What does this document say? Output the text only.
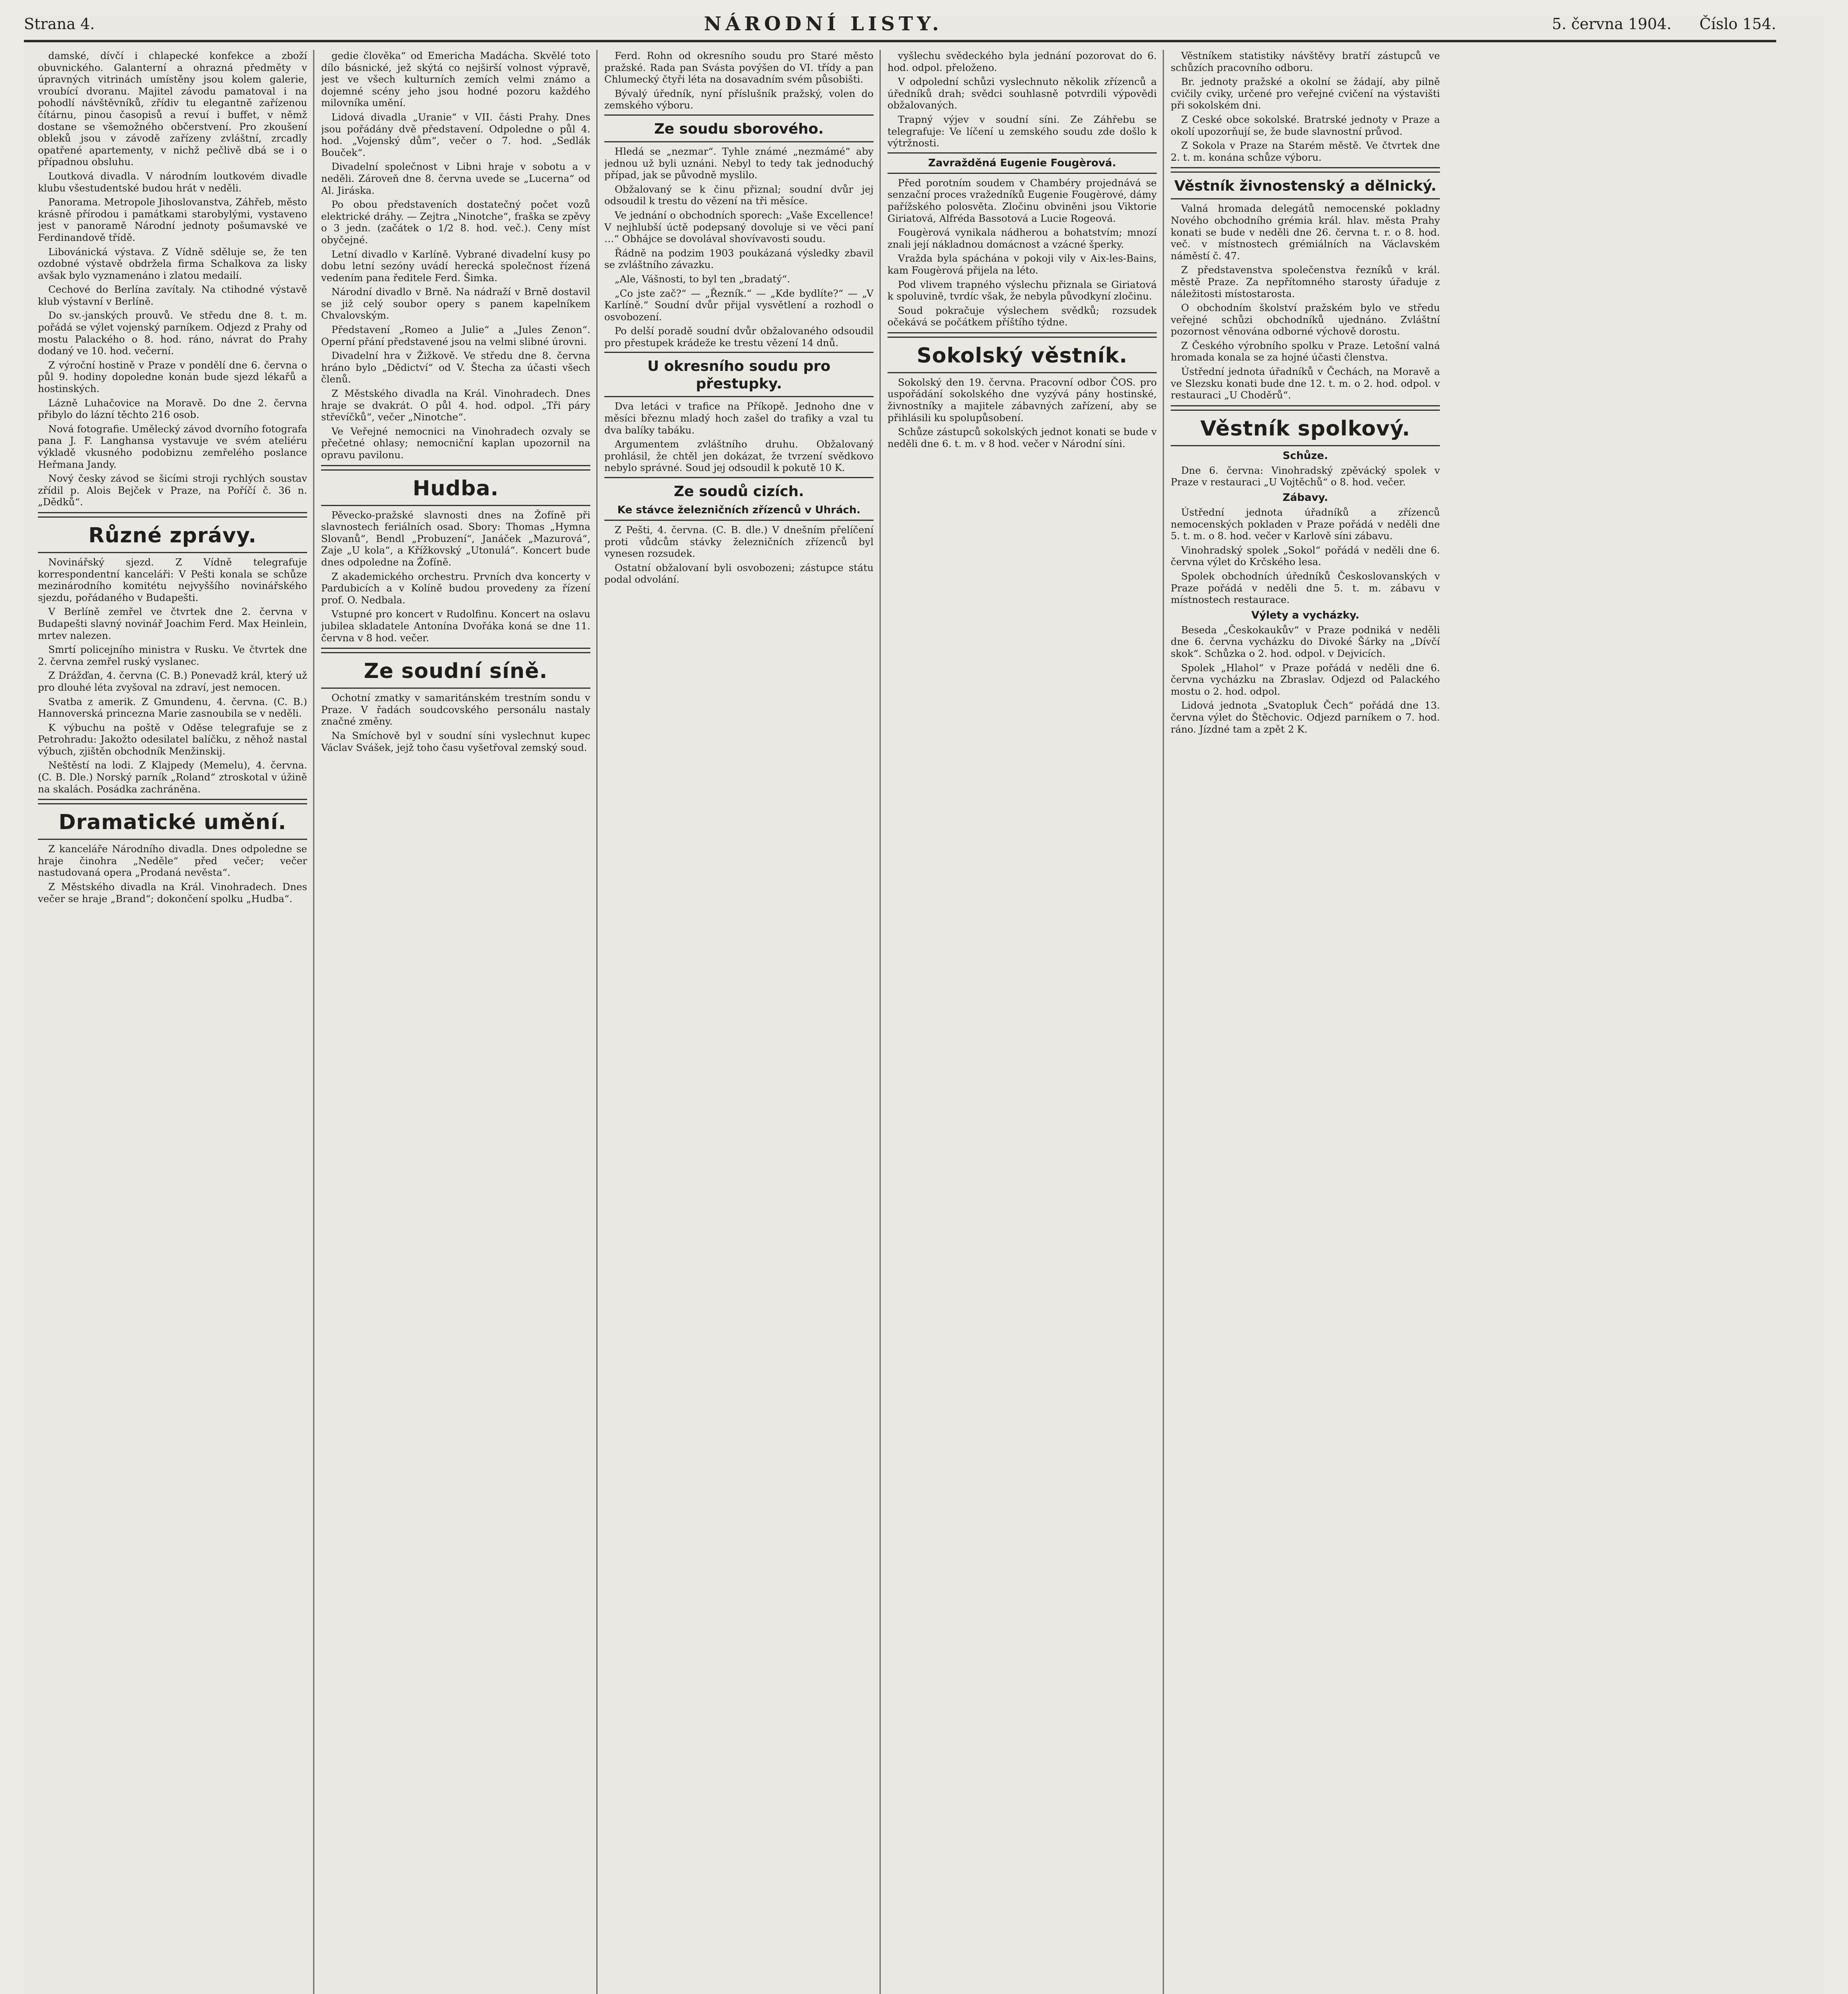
Strana 4.	NÁRODNÍ LISTY.	5. června 1904. Číslo 154.

damské, dívčí i chlapecké konfekce a zboží obuvnického. Galanterní a ohrazná předměty v úpravných vitrinách umístěny jsou kolem galerie, vroubící dvoranu. Majitel závodu pamatoval i na pohodlí návštěvníků, zřídiv tu elegantně zařízenou čítárnu, pinou časopisů a revuí i buffet, v němž dostane se všemožného občerstvení. Pro zkoušení obleků jsou v závodě zařízeny zvláštní, zrcadly opatřené apartementy, v nichž pečlivě dbá se i o případnou obsluhu.

Loutková divadla. V národním loutkovém divadle klubu všestudentské budou hrát v neděli.

Panorama. Metropole Jihoslovanstva, Záhřeb, město krásně přírodou i památkami starobylými, vystaveno jest v panoramě Národní jednoty pošumavské ve Ferdinandově třídě.

Libovánická výstava. Z Vídně sděluje se, že ten ozdobné výstavě obdržela firma Schalkova za lisky avšak bylo vyznamenáno i zlatou medailí.

Cechové do Berlína zavítaly. Na ctihodné výstavě klub výstavní v Berlíně.

Do sv.-janských prouvů. Ve středu dne 8. t. m. pořádá se výlet vojenský parníkem. Odjezd z Prahy od mostu Palackého o 8. hod. ráno, návrat do Prahy dodaný ve 10. hod. večerní.

Z výroční hostině v Praze v pondělí dne 6. června o půl 9. hodiny dopoledne konán bude sjezd lékařů a hostinských.

Lázně Luhačovice na Moravě. Do dne 2. června přibylo do lázní těchto 216 osob.

Nová fotografie. Umělecký závod dvorního fotografa pana J. F. Langhansa vystavuje ve svém ateliéru výkladě vkusného podobiznu zemřelého poslance Heřmana Jandy.

Nový česky závod se šicími stroji rychlých soustav zřídil p. Alois Bejček v Praze, na Poříčí č. 36 n. „Dědků“.

Různé zprávy.

Novinářský sjezd. Z Vídně telegrafuje korrespondentní kanceláři: V Pešti konala se schůze mezinárodního komitétu nejvyššího novinářského sjezdu, pořádaného v Budapešti.

V Berlíně zemřel ve čtvrtek dne 2. června v Budapešti slavný novinář Joachim Ferd. Max Heinlein, mrtev nalezen.

Smrtí policejního ministra v Rusku. Ve čtvrtek dne 2. června zemřel ruský vyslanec.

Z Drážďan, 4. června (C. B.) Ponevadž král, který už pro dlouhé léta zvyšoval na zdraví, jest nemocen.

Svatba z amerik. Z Gmundenu, 4. června. (C. B.) Hannoverská princezna Marie zasnoubila se v neděli.

K výbuchu na poště v Oděse telegrafuje se z Petrohradu: Jakožto odesilatel balíčku, z něhož nastal výbuch, zjištěn obchodník Menžinskij.

Neštěstí na lodi. Z Klajpedy (Memelu), 4. června. (C. B. Dle.) Norský parník „Roland“ ztroskotal v úžině na skalách. Posádka zachráněna.

Dramatické umění.

Z kanceláře Národního divadla. Dnes odpoledne se hraje činohra „Neděle“ před večer; večer nastudovaná opera „Prodaná nevěsta“.

Z Městského divadla na Král. Vinohradech. Dnes večer se hraje „Brand“; dokončení spolku „Hudba“.

gedie člověka“ od Emericha Madácha. Skvělé toto dílo básnické, jež skýtá co nejširší volnost výpravě, jest ve všech kulturních zemích velmi známo a dojemné scény jeho jsou hodné pozoru každého milovníka umění.

Lidová divadla „Uranie“ v VII. části Prahy. Dnes jsou pořádány dvě představení. Odpoledne o půl 4. hod. „Vojenský dům“, večer o 7. hod. „Sedlák Bouček“.

Divadelní společnost v Libni hraje v sobotu a v neděli. Zároveň dne 8. června uvede se „Lucerna“ od Al. Jiráska.

Po obou představeních dostatečný počet vozů elektrické dráhy. — Zejtra „Ninotche“, fraška se zpěvy o 3 jedn. (začátek o 1/2 8. hod. več.). Ceny míst obyčejné.

Letní divadlo v Karlíně. Vybrané divadelní kusy po dobu letní sezóny uvádí herecká společnost řízená vedením pana ředitele Ferd. Šimka.

Národní divadlo v Brně. Na nádraží v Brně dostavil se již celý soubor opery s panem kapelníkem Chvalovským.

Představení „Romeo a Julie“ a „Jules Zenon“. Operní přání představené jsou na velmi slibné úrovni.

Divadelní hra v Žižkově. Ve středu dne 8. června hráno bylo „Dědictví“ od V. Štecha za účasti všech členů.

Z Městského divadla na Král. Vinohradech. Dnes hraje se dvakrát. O půl 4. hod. odpol. „Tři páry střevíčků“, večer „Ninotche“.

Ve Veřejné nemocnici na Vinohradech ozvaly se přečetné ohlasy; nemocniční kaplan upozornil na opravu pavilonu.

Hudba.

Pěvecko-pražské slavnosti dnes na Žofíně při slavnostech feriálních osad. Sbory: Thomas „Hymna Slovanů“, Bendl „Probuzení“, Janáček „Mazurová“, Zaje „U kola“, a Křížkovský „Utonulá“. Koncert bude dnes odpoledne na Žofíně.

Z akademického orchestru. Prvních dva koncerty v Pardubicích a v Kolíně budou provedeny za řízení prof. O. Nedbala.

Vstupné pro koncert v Rudolfinu. Koncert na oslavu jubilea skladatele Antonína Dvořáka koná se dne 11. června v 8 hod. večer.

Ze soudní síně.

Ochotní zmatky v samaritánském trestním sondu v Praze. V řadách soudcovského personálu nastaly značné změny.

Na Smíchově byl v soudní síni vyslechnut kupec Václav Svášek, jejž toho času vyšetřoval zemský soud.

Ferd. Rohn od okresního soudu pro Staré město pražské. Rada pan Svásta povýšen do VI. třídy a pan Chlumecký čtyři léta na dosavadním svém působišti.

Bývalý úředník, nyní příslušník pražský, volen do zemského výboru.

Ze soudu sborového.

Hledá se „nezmar“. Tyhle známé „nezmámé“ aby jednou už byli uznáni. Nebyl to tedy tak jednoduchý případ, jak se původně myslilo.

Obžalovaný se k činu přiznal; soudní dvůr jej odsoudil k trestu do vězení na tři měsíce.

Ve jednání o obchodních sporech: „Vaše Excellence! V nejhlubší úctě podepsaný dovoluje si ve věci paní …“ Obhájce se dovolával shovívavosti soudu.

Řádně na podzim 1903 poukázaná výsledky zbavil se zvláštního závazku.

„Ale, Vášnosti, to byl ten „bradatý“.

„Co jste zač?“ — „Řezník.“ — „Kde bydlíte?“ — „V Karlíně.“ Soudní dvůr přijal vysvětlení a rozhodl o osvobození.

Po delší poradě soudní dvůr obžalovaného odsoudil pro přestupek krádeže ke trestu vězení 14 dnů.

U okresního soudu pro přestupky.

Dva letáci v trafice na Příkopě. Jednoho dne v měsíci březnu mladý hoch zašel do trafiky a vzal tu dva balíky tabáku.

Argumentem zvláštního druhu. Obžalovaný prohlásil, že chtěl jen dokázat, že tvrzení svědkovo nebylo správné. Soud jej odsoudil k pokutě 10 K.

Ze soudů cizích.
Ke stávce železničních zřízenců v Uhrách.

Z Pešti, 4. června. (C. B. dle.) V dnešním přelíčení proti vůdcům stávky železničních zřízenců byl vynesen rozsudek.

Ostatní obžalovaní byli osvobozeni; zástupce státu podal odvolání.

vyšlechu svědeckého byla jednání pozorovat do 6. hod. odpol. přeloženo.

V odpolední schůzi vyslechnuto několik zřízenců a úředníků drah; svědci souhlasně potvrdili výpovědi obžalovaných.

Trapný výjev v soudní síni. Ze Záhřebu se telegrafuje: Ve líčení u zemského soudu zde došlo k výtržnosti.

Zavražděná Eugenie Fougèrová.

Před porotním soudem v Chambéry projednává se senzační proces vražedníků Eugenie Fougèrové, dámy pařížského polosvěta. Zločinu obviněni jsou Viktorie Giriatová, Alfréda Bassotová a Lucie Rogeová.

Fougèrová vynikala nádherou a bohatstvím; mnozí znali její nákladnou domácnost a vzácné šperky.

Vražda byla spáchána v pokoji vily v Aix-les-Bains, kam Fougèrová přijela na léto.

Pod vlivem trapného výslechu přiznala se Giriatová k spoluvině, tvrdíc však, že nebyla původkyní zločinu.

Soud pokračuje výslechem svědků; rozsudek očekává se počátkem příštího týdne.

Sokolský věstník.

Sokolský den 19. června. Pracovní odbor ČOS. pro uspořádání sokolského dne vyzývá pány hostinské, živnostníky a majitele zábavných zařízení, aby se přihlásili ku spolupůsobení.

Schůze zástupců sokolských jednot konati se bude v neděli dne 6. t. m. v 8 hod. večer v Národní síni.

Věstníkem statistiky návštěvy bratří zástupců ve schůzích pracovního odboru.

Br. jednoty pražské a okolní se žádají, aby pilně cvičily cviky, určené pro veřejné cvičení na výstavišti při sokolském dni.

Z Ceské obce sokolské. Bratrské jednoty v Praze a okolí upozorňují se, že bude slavnostní průvod.

Z Sokola v Praze na Starém městě. Ve čtvrtek dne 2. t. m. konána schůze výboru.

Věstník živnostenský a dělnický.

Valná hromada delegátů nemocenské pokladny Nového obchodního grémia král. hlav. města Prahy konati se bude v neděli dne 26. června t. r. o 8. hod. več. v místnostech grémiálních na Václavském náměstí č. 47.

Z představenstva společenstva řezníků v král. městě Praze. Za nepřítomného starosty úřaduje z náležitosti místostarosta.

O obchodním školství pražském bylo ve středu veřejné schůzi obchodníků ujednáno. Zvláštní pozornost věnována odborné výchově dorostu.

Z Českého výrobního spolku v Praze. Letošní valná hromada konala se za hojné účasti členstva.

Ústřední jednota úřadníků v Čechách, na Moravě a ve Slezsku konati bude dne 12. t. m. o 2. hod. odpol. v restauraci „U Choděrů“.

Věstník spolkový.
Schůze.

Dne 6. června: Vinohradský zpěvácký spolek v Praze v restauraci „U Vojtěchů“ o 8. hod. večer.

Zábavy.

Ústřední jednota úřadníků a zřízenců nemocenských pokladen v Praze pořádá v neděli dne 5. t. m. o 8. hod. večer v Karlově síni zábavu.

Vinohradský spolek „Sokol“ pořádá v neděli dne 6. června výlet do Krčského lesa.

Spolek obchodních úředníků Českoslovanských v Praze pořádá v neděli dne 5. t. m. zábavu v místnostech restaurace.

Výlety a vycházky.

Beseda „Českokaukův“ v Praze podniká v neděli dne 6. června vycházku do Divoké Šárky na „Dívčí skok“. Schůzka o 2. hod. odpol. v Dejvicích.

Spolek „Hlahol“ v Praze pořádá v neděli dne 6. června vycházku na Zbraslav. Odjezd od Palackého mostu o 2. hod. odpol.

Lidová jednota „Svatopluk Čech“ pořádá dne 13. června výlet do Štěchovic. Odjezd parníkem o 7. hod. ráno. Jízdné tam a zpět 2 K.
